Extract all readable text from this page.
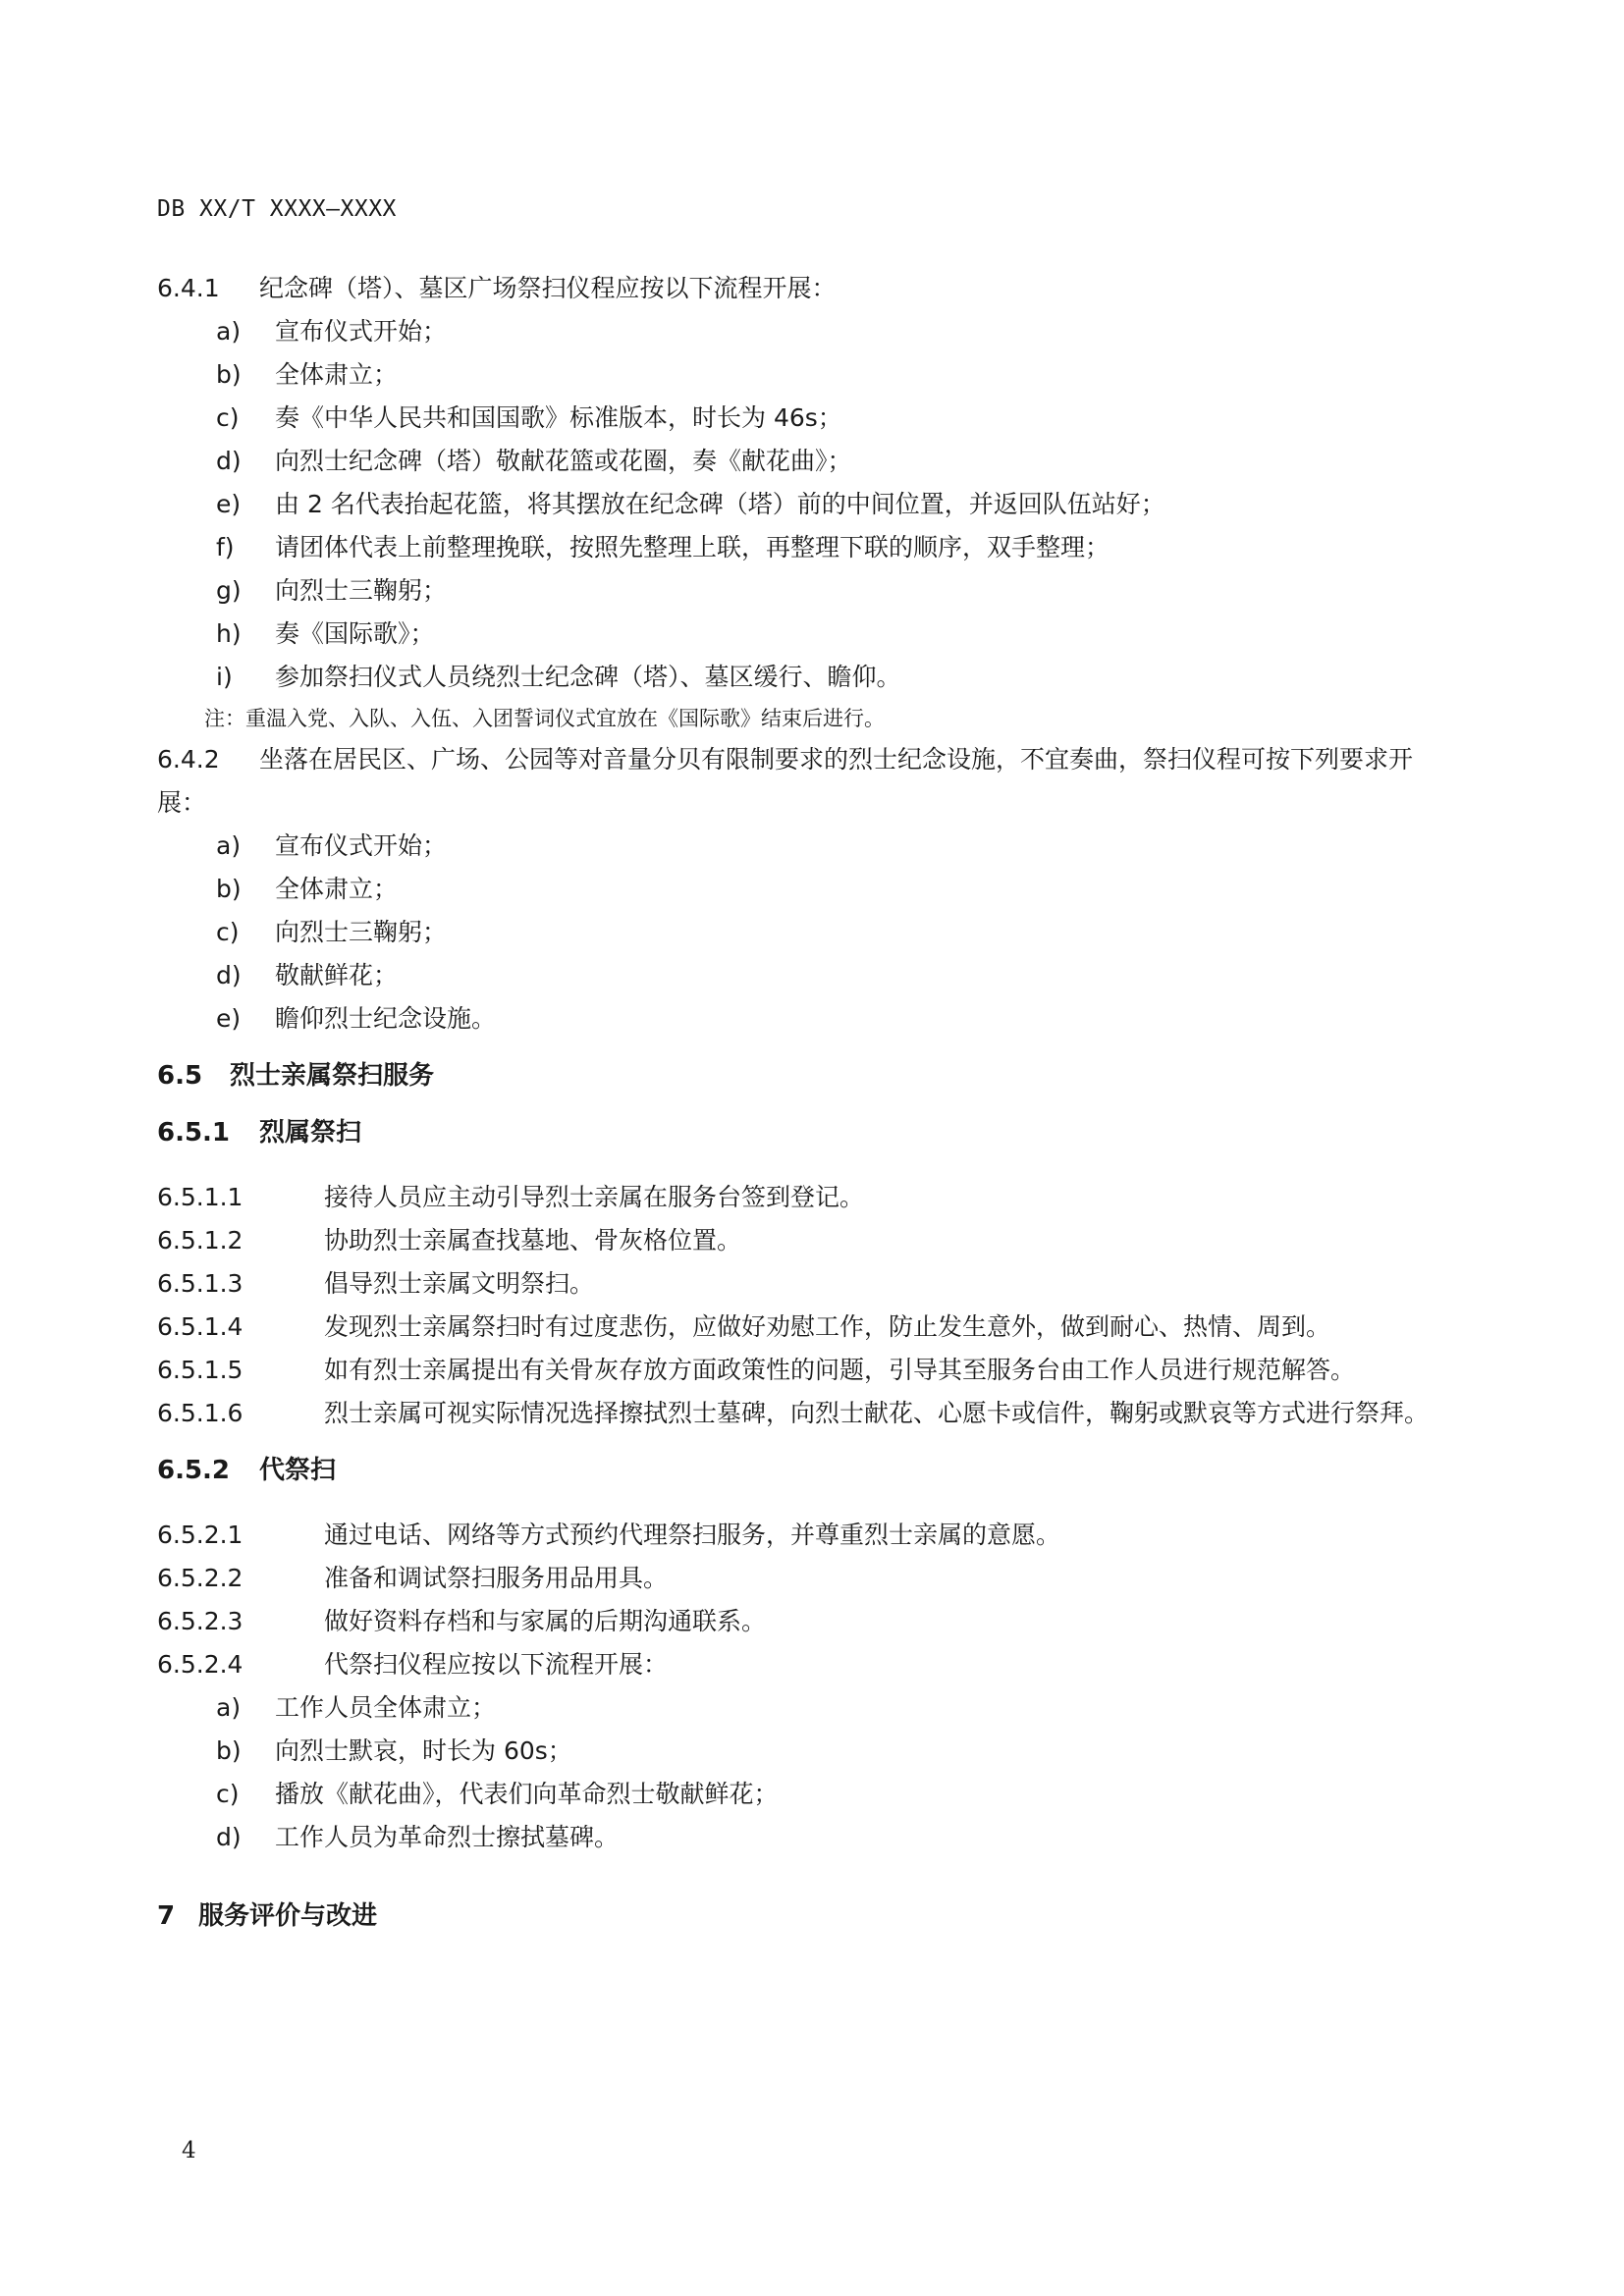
DB XX/T XXXX—XXXX
6.4.1 纪念碑（塔）、墓区广场祭扫仪程应按以下流程开展：
a) 宣布仪式开始；
b) 全体肃立；
c) 奏《中华人民共和国国歌》标准版本，时长为 46s；
d) 向烈士纪念碑（塔）敬献花篮或花圈，奏《献花曲》；
e) 由 2 名代表抬起花篮，将其摆放在纪念碑（塔）前的中间位置，并返回队伍站好；
f) 请团体代表上前整理挽联，按照先整理上联，再整理下联的顺序，双手整理；
g) 向烈士三鞠躬；
h) 奏《国际歌》；
i) 参加祭扫仪式人员绕烈士纪念碑（塔）、墓区缓行、瞻仰。
注：重温入党、入队、入伍、入团誓词仪式宜放在《国际歌》结束后进行。
6.4.2 坐落在居民区、广场、公园等对音量分贝有限制要求的烈士纪念设施，不宜奏曲，祭扫仪程可按下列要求开展：
a) 宣布仪式开始；
b) 全体肃立；
c) 向烈士三鞠躬；
d) 敬献鲜花；
e) 瞻仰烈士纪念设施。
6.5 烈士亲属祭扫服务
6.5.1 烈属祭扫
6.5.1.1	接待人员应主动引导烈士亲属在服务台签到登记。
6.5.1.2	协助烈士亲属查找墓地、骨灰格位置。
6.5.1.3	倡导烈士亲属文明祭扫。
6.5.1.4	发现烈士亲属祭扫时有过度悲伤，应做好劝慰工作，防止发生意外，做到耐心、热情、周到。
6.5.1.5	如有烈士亲属提出有关骨灰存放方面政策性的问题，引导其至服务台由工作人员进行规范解答。
6.5.1.6	烈士亲属可视实际情况选择擦拭烈士墓碑，向烈士献花、心愿卡或信件，鞠躬或默哀等方式进行祭拜。
6.5.2 代祭扫
6.5.2.1	通过电话、网络等方式预约代理祭扫服务，并尊重烈士亲属的意愿。
6.5.2.2	准备和调试祭扫服务用品用具。
6.5.2.3	做好资料存档和与家属的后期沟通联系。
6.5.2.4	代祭扫仪程应按以下流程开展：
a) 工作人员全体肃立；
b) 向烈士默哀，时长为 60s；
c) 播放《献花曲》，代表们向革命烈士敬献鲜花；
d) 工作人员为革命烈士擦拭墓碑。
7 服务评价与改进
4
